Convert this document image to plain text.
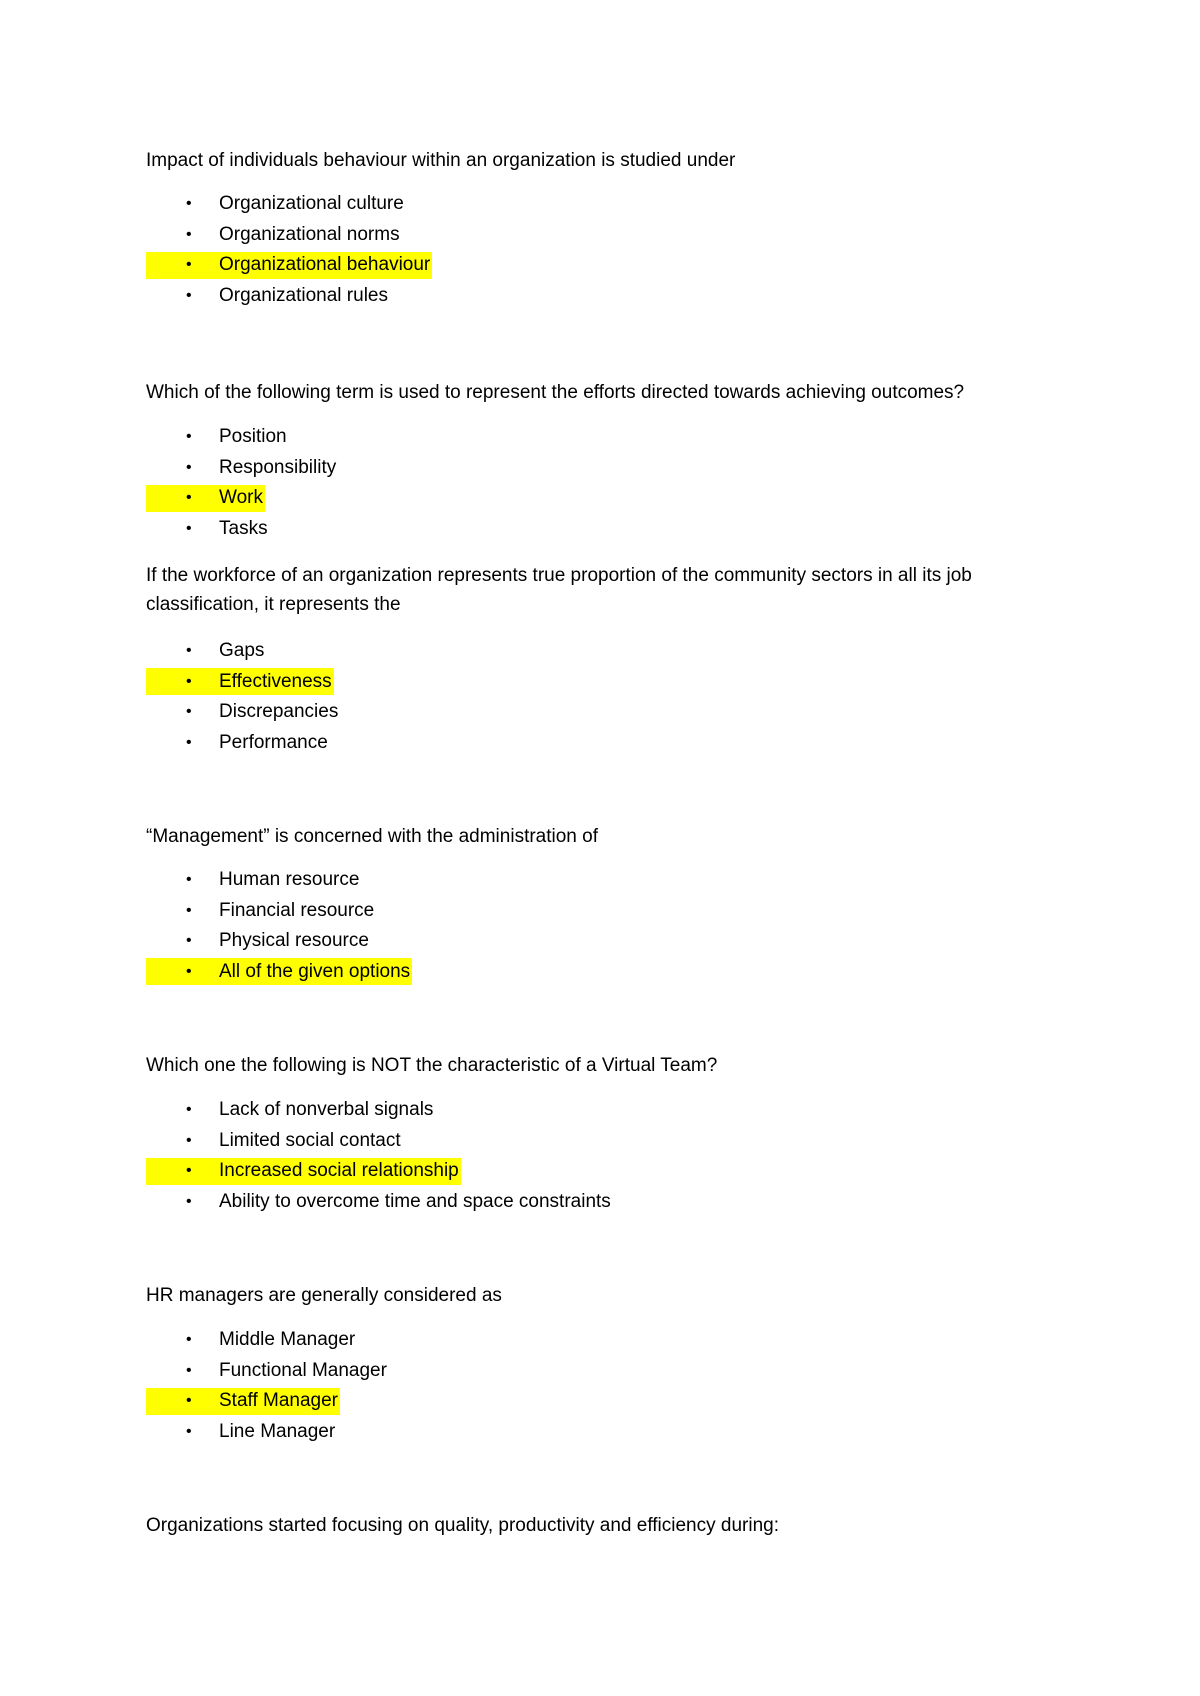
Impact of individuals behaviour within an organization is studied under

•	Organizational culture
•	Organizational norms
•	Organizational behaviour
•	Organizational rules

Which of the following term is used to represent the efforts directed towards achieving outcomes?

•	Position
•	Responsibility
•	Work
•	Tasks

If the workforce of an organization represents true proportion of the community sectors in all its job classification, it represents the

•	Gaps
•	Effectiveness
•	Discrepancies
•	Performance

“Management” is concerned with the administration of

•	Human resource
•	Financial resource
•	Physical resource
•	All of the given options

Which one the following is NOT the characteristic of a Virtual Team?

•	Lack of nonverbal signals
•	Limited social contact
•	Increased social relationship
•	Ability to overcome time and space constraints

HR managers are generally considered as

•	Middle Manager
•	Functional Manager
•	Staff Manager
•	Line Manager

Organizations started focusing on quality, productivity and efficiency during:
